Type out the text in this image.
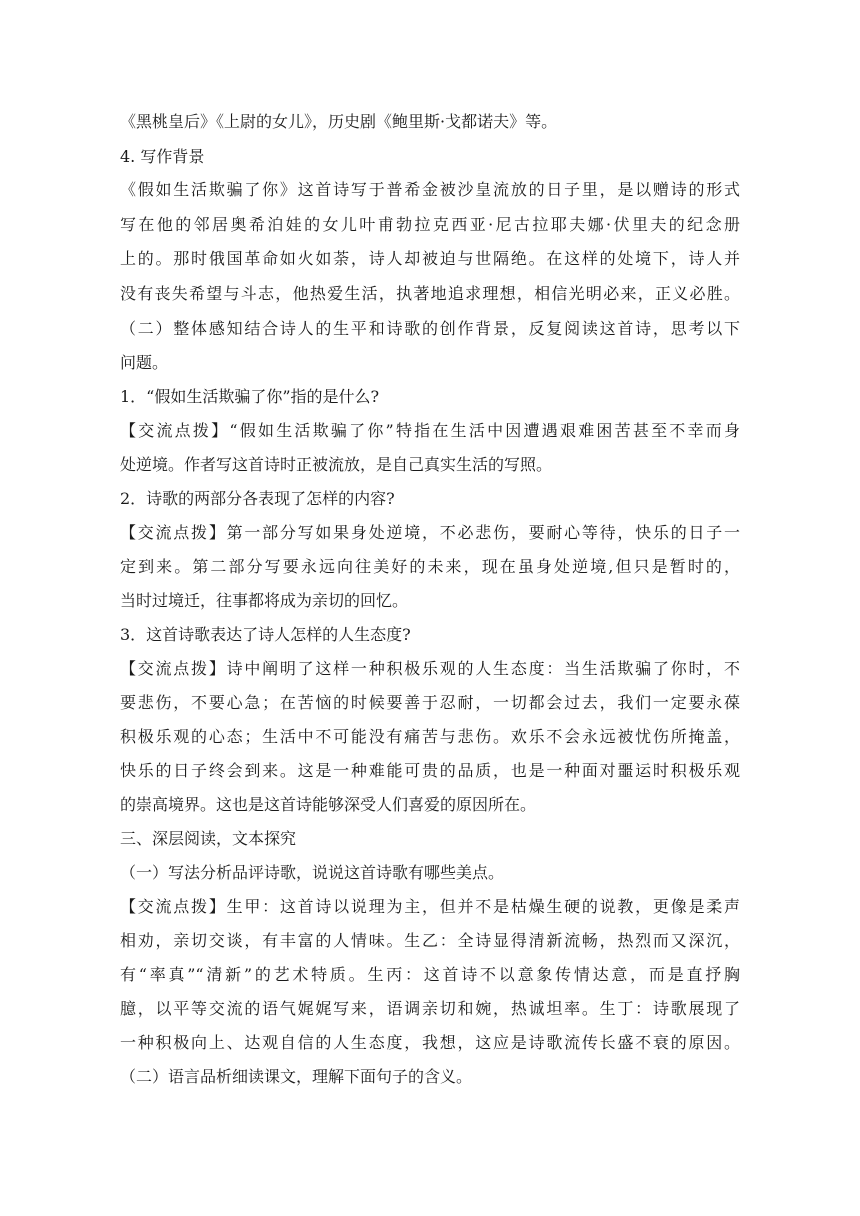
《黑桃皇后》《上尉的女儿》，历史剧《鲍里斯·戈都诺夫》等。
4. 写作背景
《假如生活欺骗了你》这首诗写于普希金被沙皇流放的日子里，是以赠诗的形式
写在他的邻居奥希泊娃的女儿叶甫勃拉克西亚·尼古拉耶夫娜·伏里夫的纪念册
上的。那时俄国革命如火如荼，诗人却被迫与世隔绝。在这样的处境下，诗人并
没有丧失希望与斗志，他热爱生活，执著地追求理想，相信光明必来，正义必胜。
（二）整体感知结合诗人的生平和诗歌的创作背景，反复阅读这首诗，思考以下
问题。
1．“假如生活欺骗了你”指的是什么?
【交流点拨】“假如生活欺骗了你”特指在生活中因遭遇艰难困苦甚至不幸而身
处逆境。作者写这首诗时正被流放，是自己真实生活的写照。
2．诗歌的两部分各表现了怎样的内容?
【交流点拨】第一部分写如果身处逆境，不必悲伤，要耐心等待，快乐的日子一
定到来。第二部分写要永远向往美好的未来，现在虽身处逆境,但只是暂时的，
当时过境迁，往事都将成为亲切的回忆。
3．这首诗歌表达了诗人怎样的人生态度?
【交流点拨】诗中阐明了这样一种积极乐观的人生态度：当生活欺骗了你时，不
要悲伤，不要心急；在苦恼的时候要善于忍耐，一切都会过去，我们一定要永葆
积极乐观的心态；生活中不可能没有痛苦与悲伤。欢乐不会永远被忧伤所掩盖，
快乐的日子终会到来。这是一种难能可贵的品质，也是一种面对噩运时积极乐观
的崇高境界。这也是这首诗能够深受人们喜爱的原因所在。
三、深层阅读，文本探究
（一）写法分析品评诗歌，说说这首诗歌有哪些美点。
【交流点拨】生甲：这首诗以说理为主，但并不是枯燥生硬的说教，更像是柔声
相劝，亲切交谈，有丰富的人情味。生乙：全诗显得清新流畅，热烈而又深沉，
有“率真”“清新”的艺术特质。生丙：这首诗不以意象传情达意，而是直抒胸
臆，以平等交流的语气娓娓写来，语调亲切和婉，热诚坦率。生丁：诗歌展现了
一种积极向上、达观自信的人生态度，我想，这应是诗歌流传长盛不衰的原因。
（二）语言品析细读课文，理解下面句子的含义。
